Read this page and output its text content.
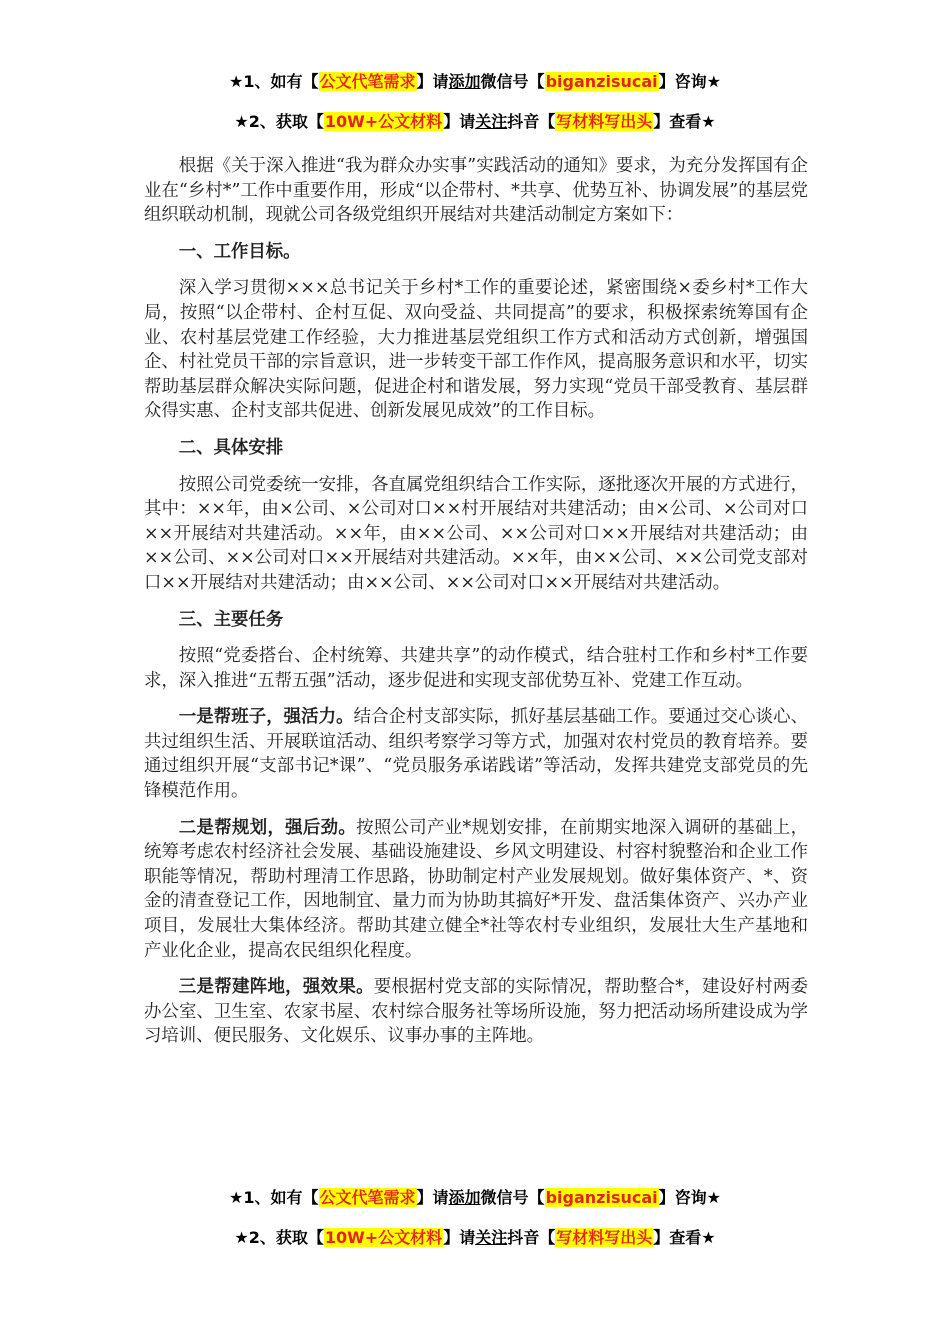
★1、如有【公文代笔需求】请添加微信号【biganzisucai】咨询★
★2、获取【10W+公文材料】请关注抖音【写材料写出头】查看★

根据《关于深入推进“我为群众办实事”实践活动的通知》要求，为充分发挥国有企业在“乡村*”工作中重要作用，形成“以企带村、*共享、优势互补、协调发展”的基层党组织联动机制，现就公司各级党组织开展结对共建活动制定方案如下：

一、工作目标。

深入学习贯彻×××总书记关于乡村*工作的重要论述，紧密围绕×委乡村*工作大局，按照“以企带村、企村互促、双向受益、共同提高”的要求，积极探索统筹国有企业、农村基层党建工作经验，大力推进基层党组织工作方式和活动方式创新，增强国企、村社党员干部的宗旨意识，进一步转变干部工作作风，提高服务意识和水平，切实帮助基层群众解决实际问题，促进企村和谐发展，努力实现“党员干部受教育、基层群众得实惠、企村支部共促进、创新发展见成效”的工作目标。

二、具体安排

按照公司党委统一安排，各直属党组织结合工作实际，逐批逐次开展的方式进行，其中：××年，由×公司、×公司对口××村开展结对共建活动；由×公司、×公司对口××开展结对共建活动。××年，由××公司、××公司对口××开展结对共建活动；由××公司、××公司对口××开展结对共建活动。××年，由××公司、××公司党支部对口××开展结对共建活动；由××公司、××公司对口××开展结对共建活动。

三、主要任务

按照“党委搭台、企村统筹、共建共享”的动作模式，结合驻村工作和乡村*工作要求，深入推进“五帮五强”活动，逐步促进和实现支部优势互补、党建工作互动。

一是帮班子，强活力。结合企村支部实际，抓好基层基础工作。要通过交心谈心、共过组织生活、开展联谊活动、组织考察学习等方式，加强对农村党员的教育培养。要通过组织开展“支部书记*课”、“党员服务承诺践诺”等活动，发挥共建党支部党员的先锋模范作用。

二是帮规划，强后劲。按照公司产业*规划安排，在前期实地深入调研的基础上，统筹考虑农村经济社会发展、基础设施建设、乡风文明建设、村容村貌整治和企业工作职能等情况，帮助村理清工作思路，协助制定村产业发展规划。做好集体资产、*、资金的清查登记工作，因地制宜、量力而为协助其搞好*开发、盘活集体资产、兴办产业项目，发展壮大集体经济。帮助其建立健全*社等农村专业组织，发展壮大生产基地和产业化企业，提高农民组织化程度。

三是帮建阵地，强效果。要根据村党支部的实际情况，帮助整合*，建设好村两委办公室、卫生室、农家书屋、农村综合服务社等场所设施，努力把活动场所建设成为学习培训、便民服务、文化娱乐、议事办事的主阵地。

★1、如有【公文代笔需求】请添加微信号【biganzisucai】咨询★
★2、获取【10W+公文材料】请关注抖音【写材料写出头】查看★
